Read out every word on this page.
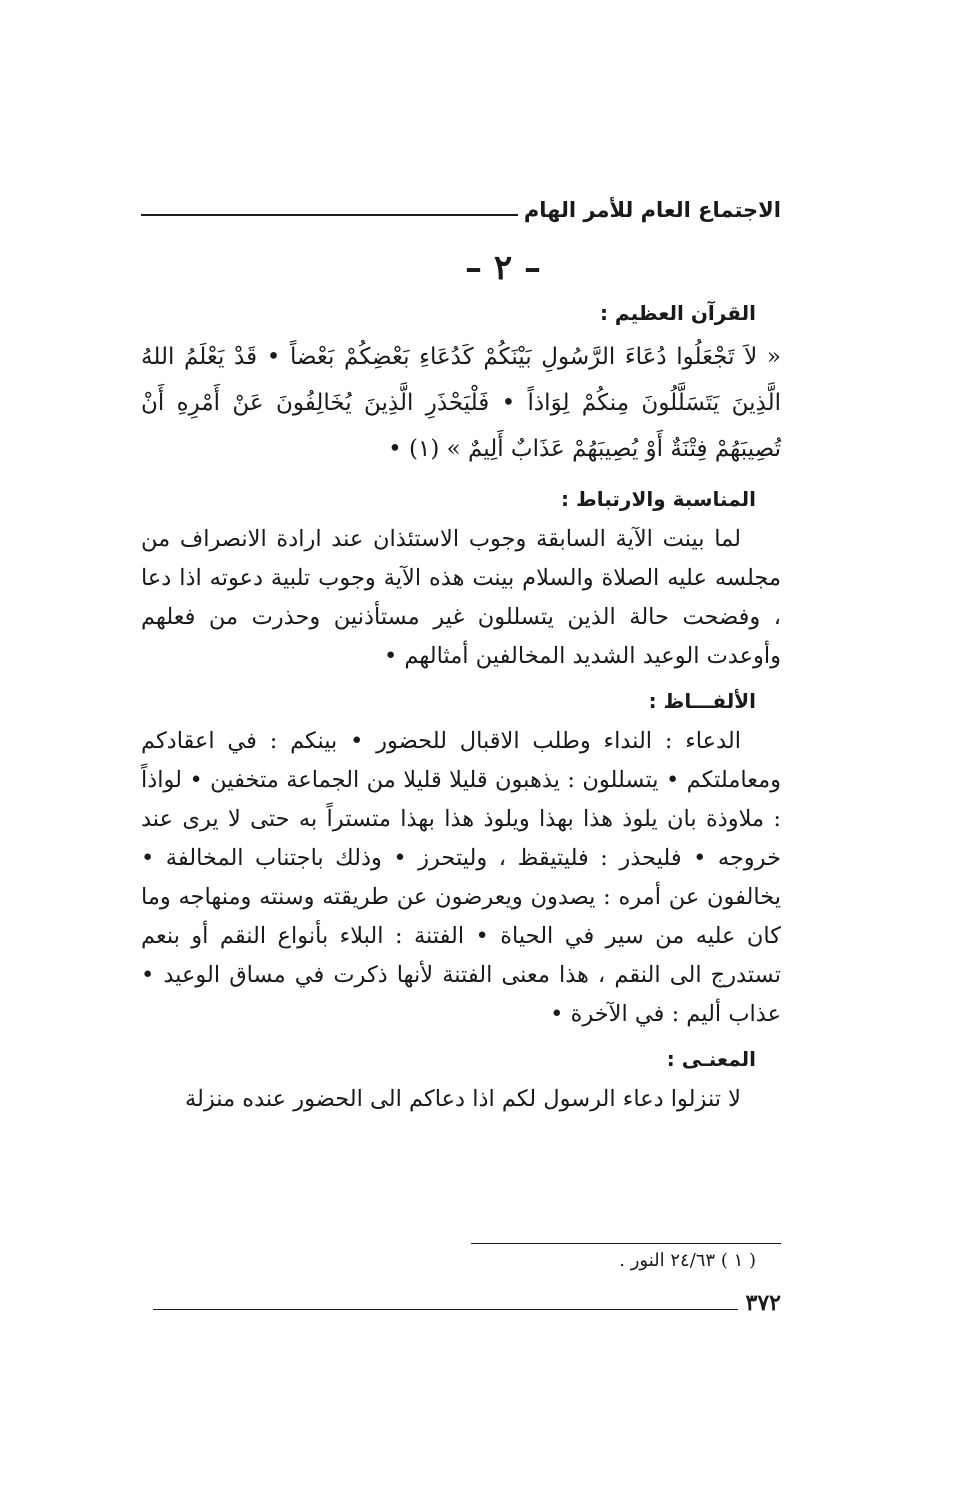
الاجتماع العام للأمر الهام
– ٢ –
القرآن العظيم :

« لاَ تَجْعَلُوا دُعَاءَ الرَّسُولِ بَيْنَكُمْ كَدُعَاءِ بَعْضِكُمْ بَعْضاً • قَدْ يَعْلَمُ اللهُ الَّذِينَ يَتَسَلَّلُونَ مِنكُمْ لِوَاذاً • فَلْيَحْذَرِ الَّذِينَ يُخَالِفُونَ عَنْ أَمْرِهِ أَنْ تُصِيبَهُمْ فِتْنَةٌ أَوْ يُصِيبَهُمْ عَذَابٌ أَلِيمٌ » (١) •

المناسبة والارتباط :

لما بينت الآية السابقة وجوب الاستئذان عند ارادة الانصراف من مجلسه عليه الصلاة والسلام بينت هذه الآية وجوب تلبية دعوته اذا دعا ، وفضحت حالة الذين يتسللون غير مستأذنين وحذرت من فعلهم وأوعدت الوعيد الشديد المخالفين أمثالهم •

الألفـــاظ :

الدعاء : النداء وطلب الاقبال للحضور • بينكم : في اعقادكم ومعاملتكم • يتسللون : يذهبون قليلا قليلا من الجماعة متخفين • لواذاً : ملاوذة بان يلوذ هذا بهذا ويلوذ هذا بهذا متستراً به حتى لا يرى عند خروجه • فليحذر : فليتيقظ ، وليتحرز • وذلك باجتناب المخالفة • يخالفون عن أمره : يصدون ويعرضون عن طريقته وسنته ومنهاجه وما كان عليه من سير في الحياة • الفتنة : البلاء بأنواع النقم أو بنعم تستدرج الى النقم ، هذا معنى الفتنة لأنها ذكرت في مساق الوعيد • عذاب أليم : في الآخرة •

المعنـى :

لا تنزلوا دعاء الرسول لكم اذا دعاكم الى الحضور عنده منزلة

( ١ ) ٢٤/٦٣ النور .
٣٧٢
